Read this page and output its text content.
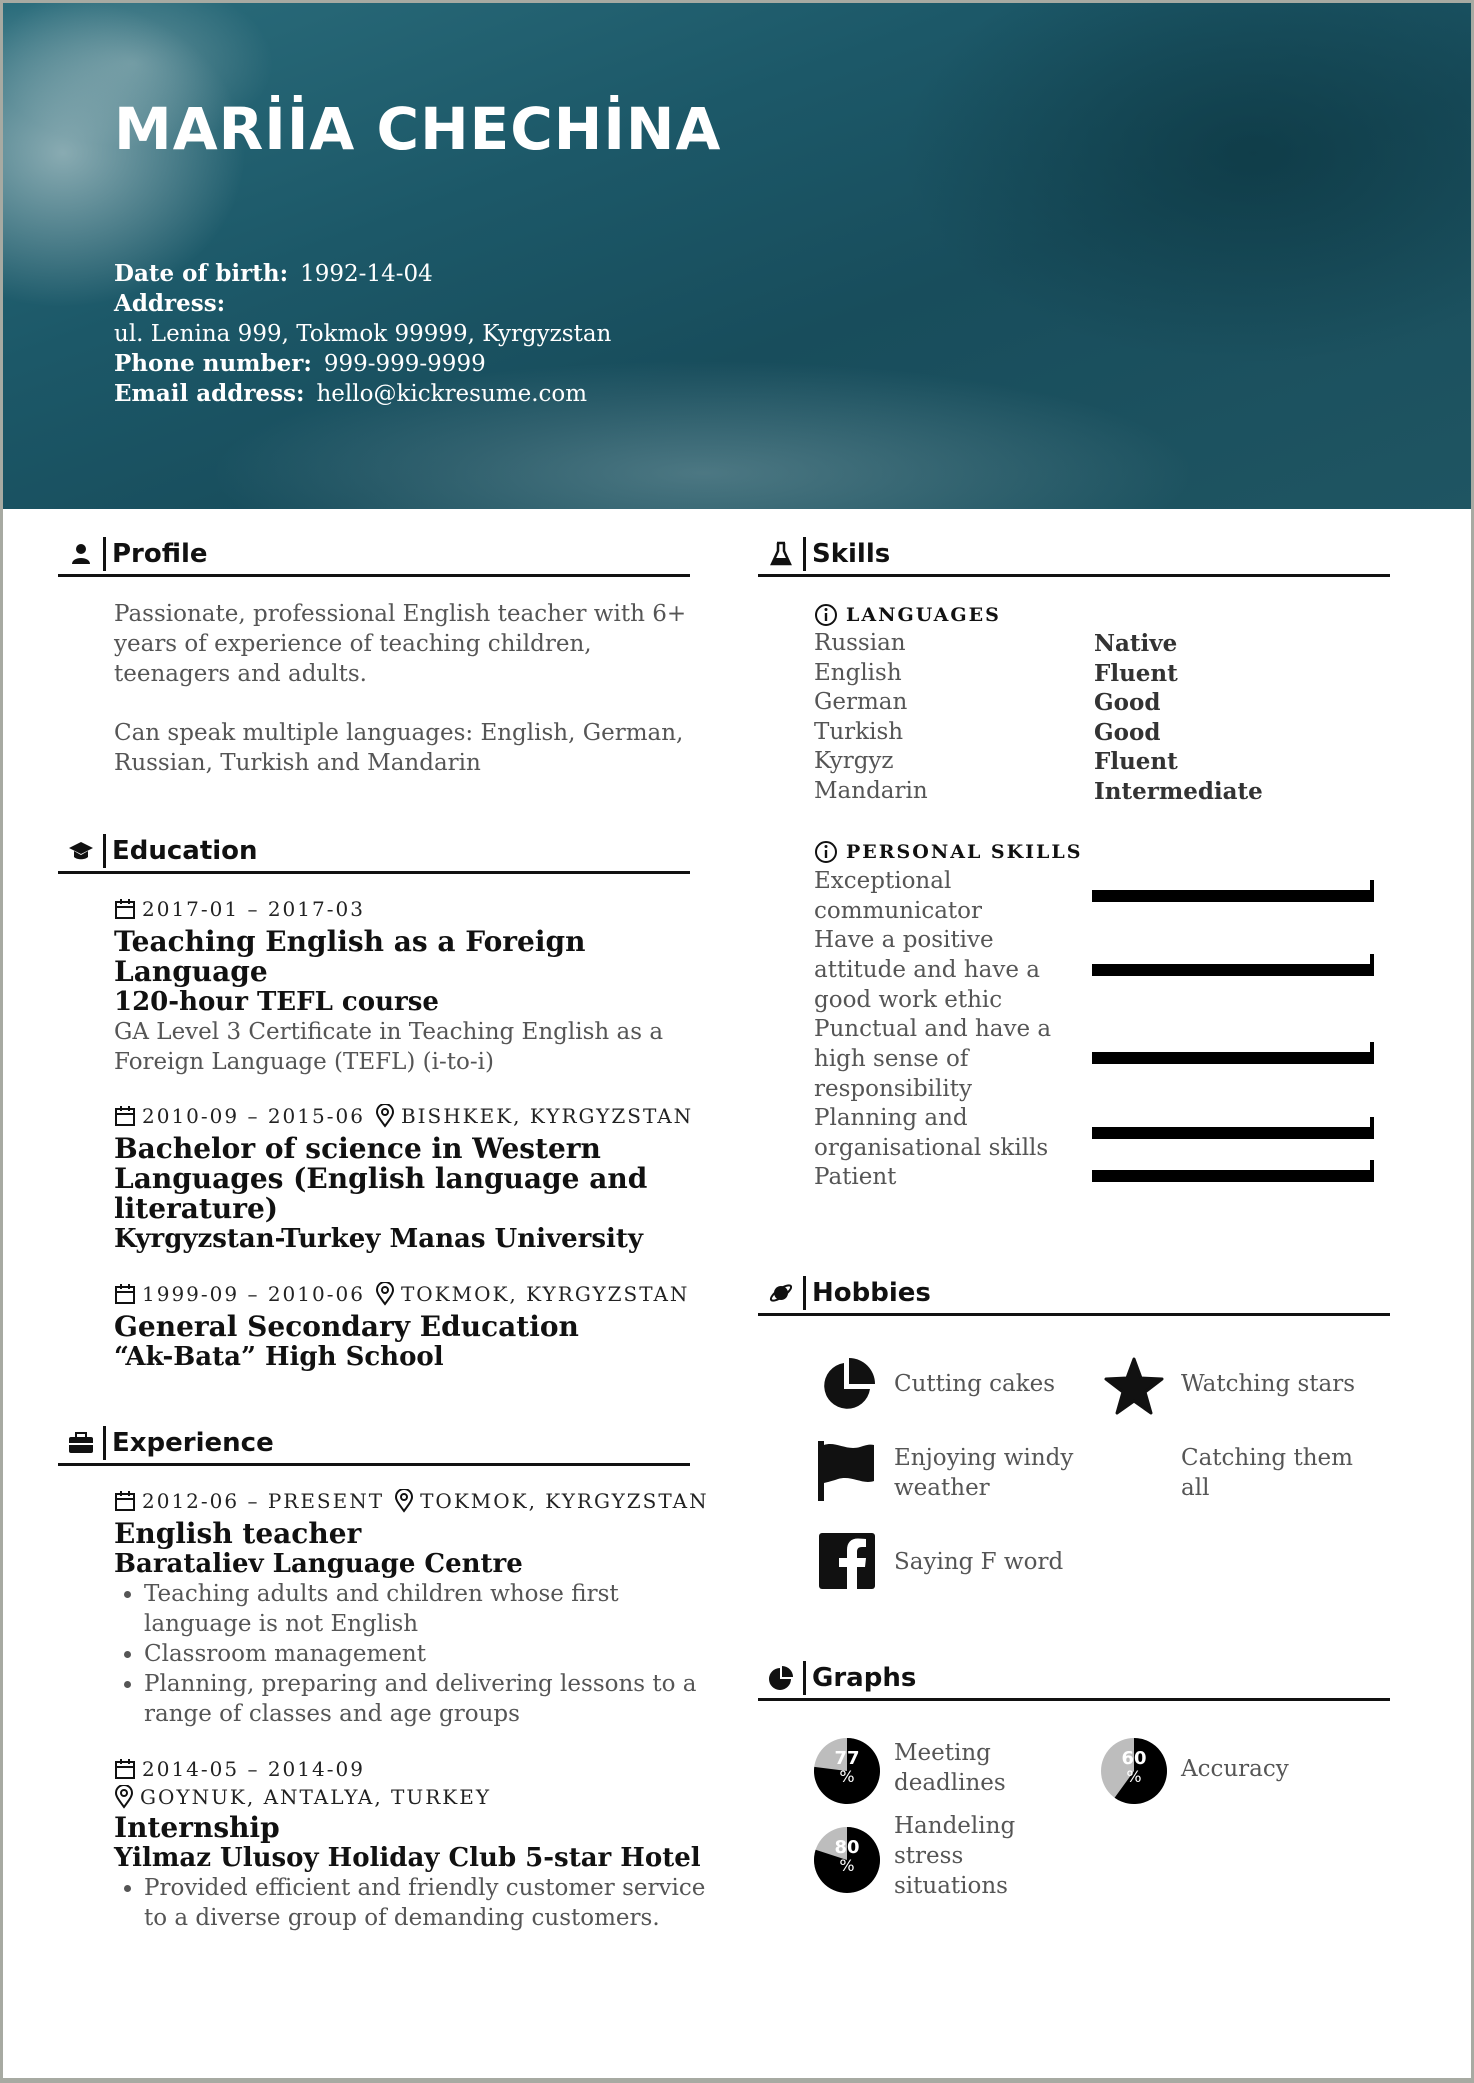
MARİİA CHECHİNA
Date of birth: 1992-14-04
Address:
ul. Lenina 999, Tokmok 99999, Kyrgyzstan
Phone number: 999-999-9999
Email address: hello@kickresume.com
Profile
Passionate, professional English teacher with 6+ years of experience of teaching children, teenagers and adults.
Can speak multiple languages: English, German, Russian, Turkish and Mandarin
Education
2017-01 – 2017-03
Teaching English as a Foreign Language
120-hour TEFL course
GA Level 3 Certificate in Teaching English as a Foreign Language (TEFL) (i-to-i)
2010-09 – 2015-06 BISHKEK, KYRGYZSTAN
Bachelor of science in Western Languages (English language and literature)
Kyrgyzstan-Turkey Manas University
1999-09 – 2010-06 TOKMOK, KYRGYZSTAN
General Secondary Education
“Ak-Bata” High School
Experience
2012-06 – PRESENT TOKMOK, KYRGYZSTAN
English teacher
Barataliev Language Centre
• Teaching adults and children whose first language is not English
• Classroom management
• Planning, preparing and delivering lessons to a range of classes and age groups
2014-05 – 2014-09
GOYNUK, ANTALYA, TURKEY
Internship
Yilmaz Ulusoy Holiday Club 5-star Hotel
• Provided efficient and friendly customer service to a diverse group of demanding customers.
Skills
LANGUAGES
Russian	Native
English	Fluent
German	Good
Turkish	Good
Kyrgyz	Fluent
Mandarin	Intermediate
PERSONAL SKILLS
Exceptional communicator
Have a positive attitude and have a good work ethic
Punctual and have a high sense of responsibility
Planning and organisational skills
Patient
Hobbies
Cutting cakes	Watching stars
Enjoying windy weather
Catching them all
Saying F word
Graphs
77
%
Meeting deadlines
60
%	Accuracy
80
%
Handeling stress situations
